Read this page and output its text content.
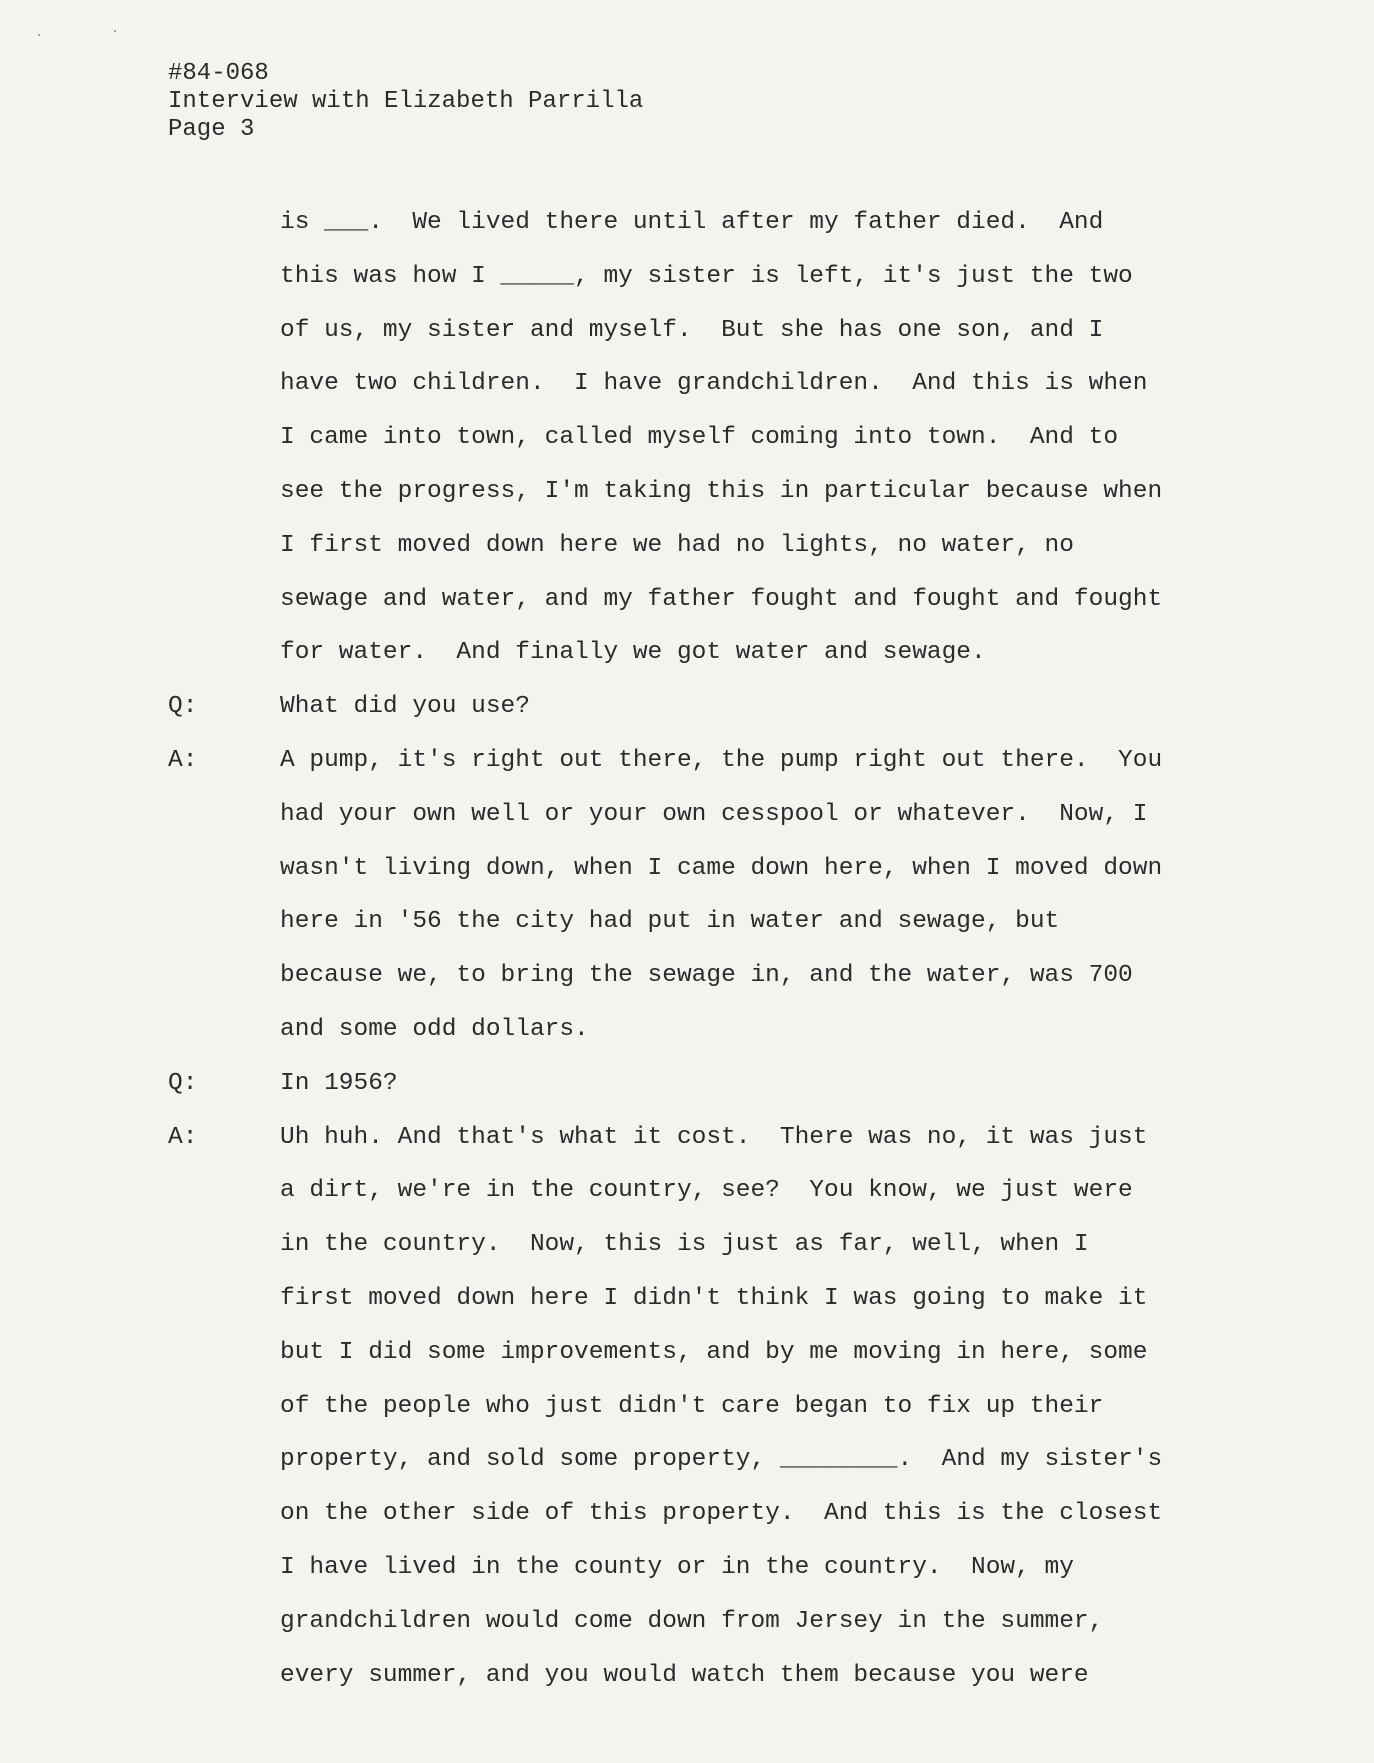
#84-068
Interview with Elizabeth Parrilla
Page 3
is ___.  We lived there until after my father died.  And
this was how I _____, my sister is left, it's just the two
of us, my sister and myself.  But she has one son, and I
have two children.  I have grandchildren.  And this is when
I came into town, called myself coming into town.  And to
see the progress, I'm taking this in particular because when
I first moved down here we had no lights, no water, no
sewage and water, and my father fought and fought and fought
for water.  And finally we got water and sewage.
Q:	What did you use?
A:	A pump, it's right out there, the pump right out there.  You
had your own well or your own cesspool or whatever.  Now, I
wasn't living down, when I came down here, when I moved down
here in '56 the city had put in water and sewage, but
because we, to bring the sewage in, and the water, was 700
and some odd dollars.
Q:	In 1956?
A:	Uh huh. And that's what it cost.  There was no, it was just
a dirt, we're in the country, see?  You know, we just were
in the country.  Now, this is just as far, well, when I
first moved down here I didn't think I was going to make it
but I did some improvements, and by me moving in here, some
of the people who just didn't care began to fix up their
property, and sold some property, ________.  And my sister's
on the other side of this property.  And this is the closest
I have lived in the county or in the country.  Now, my
grandchildren would come down from Jersey in the summer,
every summer, and you would watch them because you were
